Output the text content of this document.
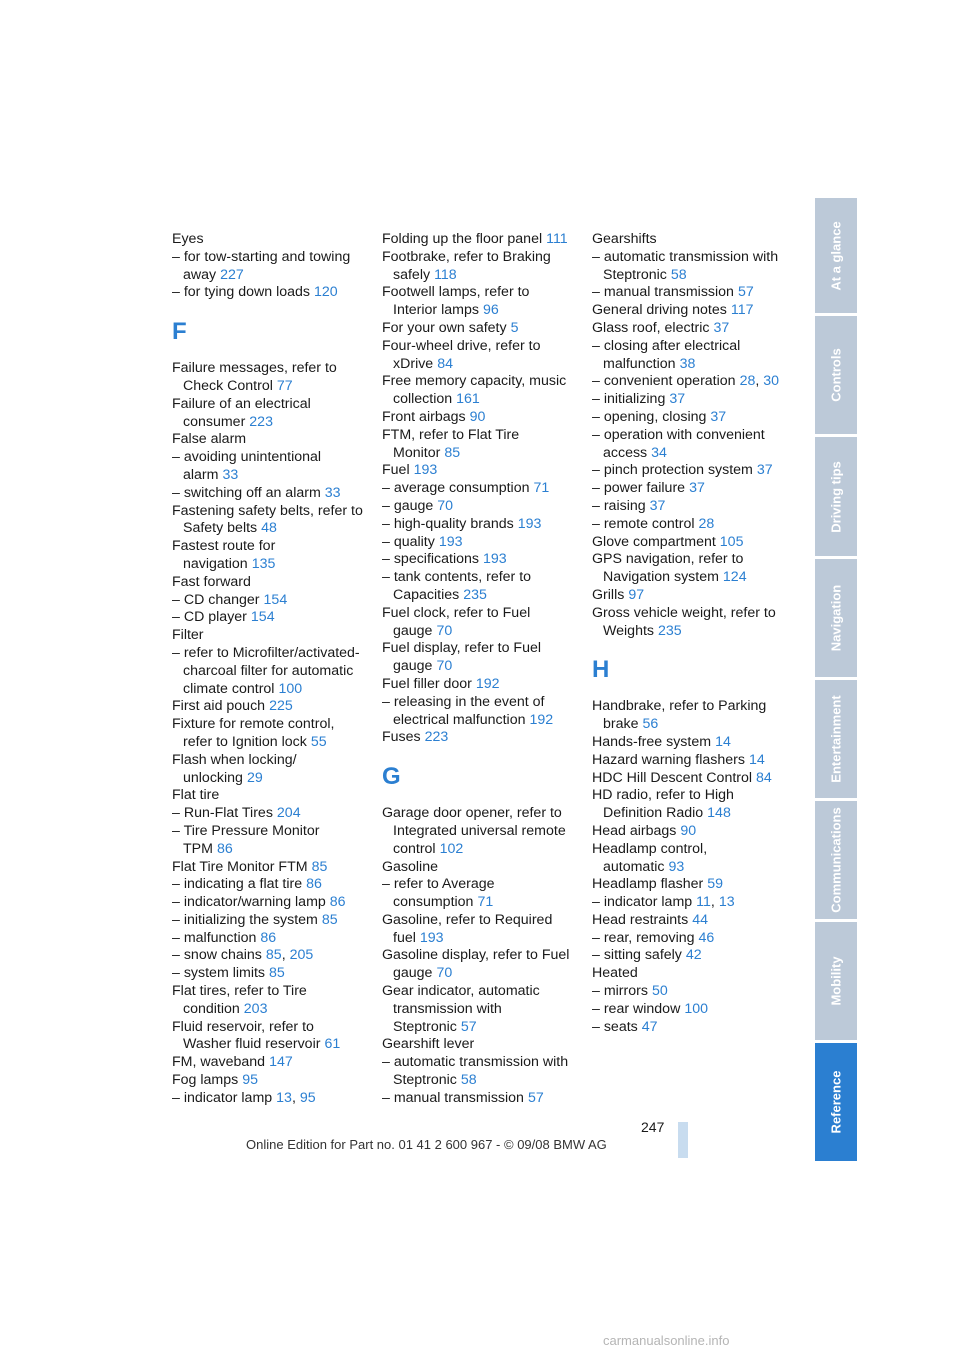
Eyes
– for tow-starting and towing
away 227
– for tying down loads 120
F
Failure messages, refer to
Check Control 77
Failure of an electrical
consumer 223
False alarm
– avoiding unintentional
alarm 33
– switching off an alarm 33
Fastening safety belts, refer to
Safety belts 48
Fastest route for
navigation 135
Fast forward
– CD changer 154
– CD player 154
Filter
– refer to Microfilter/activated-
charcoal filter for automatic
climate control 100
First aid pouch 225
Fixture for remote control,
refer to Ignition lock 55
Flash when locking/
unlocking 29
Flat tire
– Run-Flat Tires 204
– Tire Pressure Monitor
TPM 86
Flat Tire Monitor FTM 85
– indicating a flat tire 86
– indicator/warning lamp 86
– initializing the system 85
– malfunction 86
– snow chains 85, 205
– system limits 85
Flat tires, refer to Tire
condition 203
Fluid reservoir, refer to
Washer fluid reservoir 61
FM, waveband 147
Fog lamps 95
– indicator lamp 13, 95
Folding up the floor panel 111
Footbrake, refer to Braking
safely 118
Footwell lamps, refer to
Interior lamps 96
For your own safety 5
Four-wheel drive, refer to
xDrive 84
Free memory capacity, music
collection 161
Front airbags 90
FTM, refer to Flat Tire
Monitor 85
Fuel 193
– average consumption 71
– gauge 70
– high-quality brands 193
– quality 193
– specifications 193
– tank contents, refer to
Capacities 235
Fuel clock, refer to Fuel
gauge 70
Fuel display, refer to Fuel
gauge 70
Fuel filler door 192
– releasing in the event of
electrical malfunction 192
Fuses 223
G
Garage door opener, refer to
Integrated universal remote
control 102
Gasoline
– refer to Average
consumption 71
Gasoline, refer to Required
fuel 193
Gasoline display, refer to Fuel
gauge 70
Gear indicator, automatic
transmission with
Steptronic 57
Gearshift lever
– automatic transmission with
Steptronic 58
– manual transmission 57
Gearshifts
– automatic transmission with
Steptronic 58
– manual transmission 57
General driving notes 117
Glass roof, electric 37
– closing after electrical
malfunction 38
– convenient operation 28, 30
– initializing 37
– opening, closing 37
– operation with convenient
access 34
– pinch protection system 37
– power failure 37
– raising 37
– remote control 28
Glove compartment 105
GPS navigation, refer to
Navigation system 124
Grills 97
Gross vehicle weight, refer to
Weights 235
H
Handbrake, refer to Parking
brake 56
Hands-free system 14
Hazard warning flashers 14
HDC Hill Descent Control 84
HD radio, refer to High
Definition Radio 148
Head airbags 90
Headlamp control,
automatic 93
Headlamp flasher 59
– indicator lamp 11, 13
Head restraints 44
– rear, removing 46
– sitting safely 42
Heated
– mirrors 50
– rear window 100
– seats 47
At a glance
Controls
Driving tips
Navigation
Entertainment
Communications
Mobility
Reference
247
Online Edition for Part no. 01 41 2 600 967 - © 09/08 BMW AG
carmanualsonline.info
